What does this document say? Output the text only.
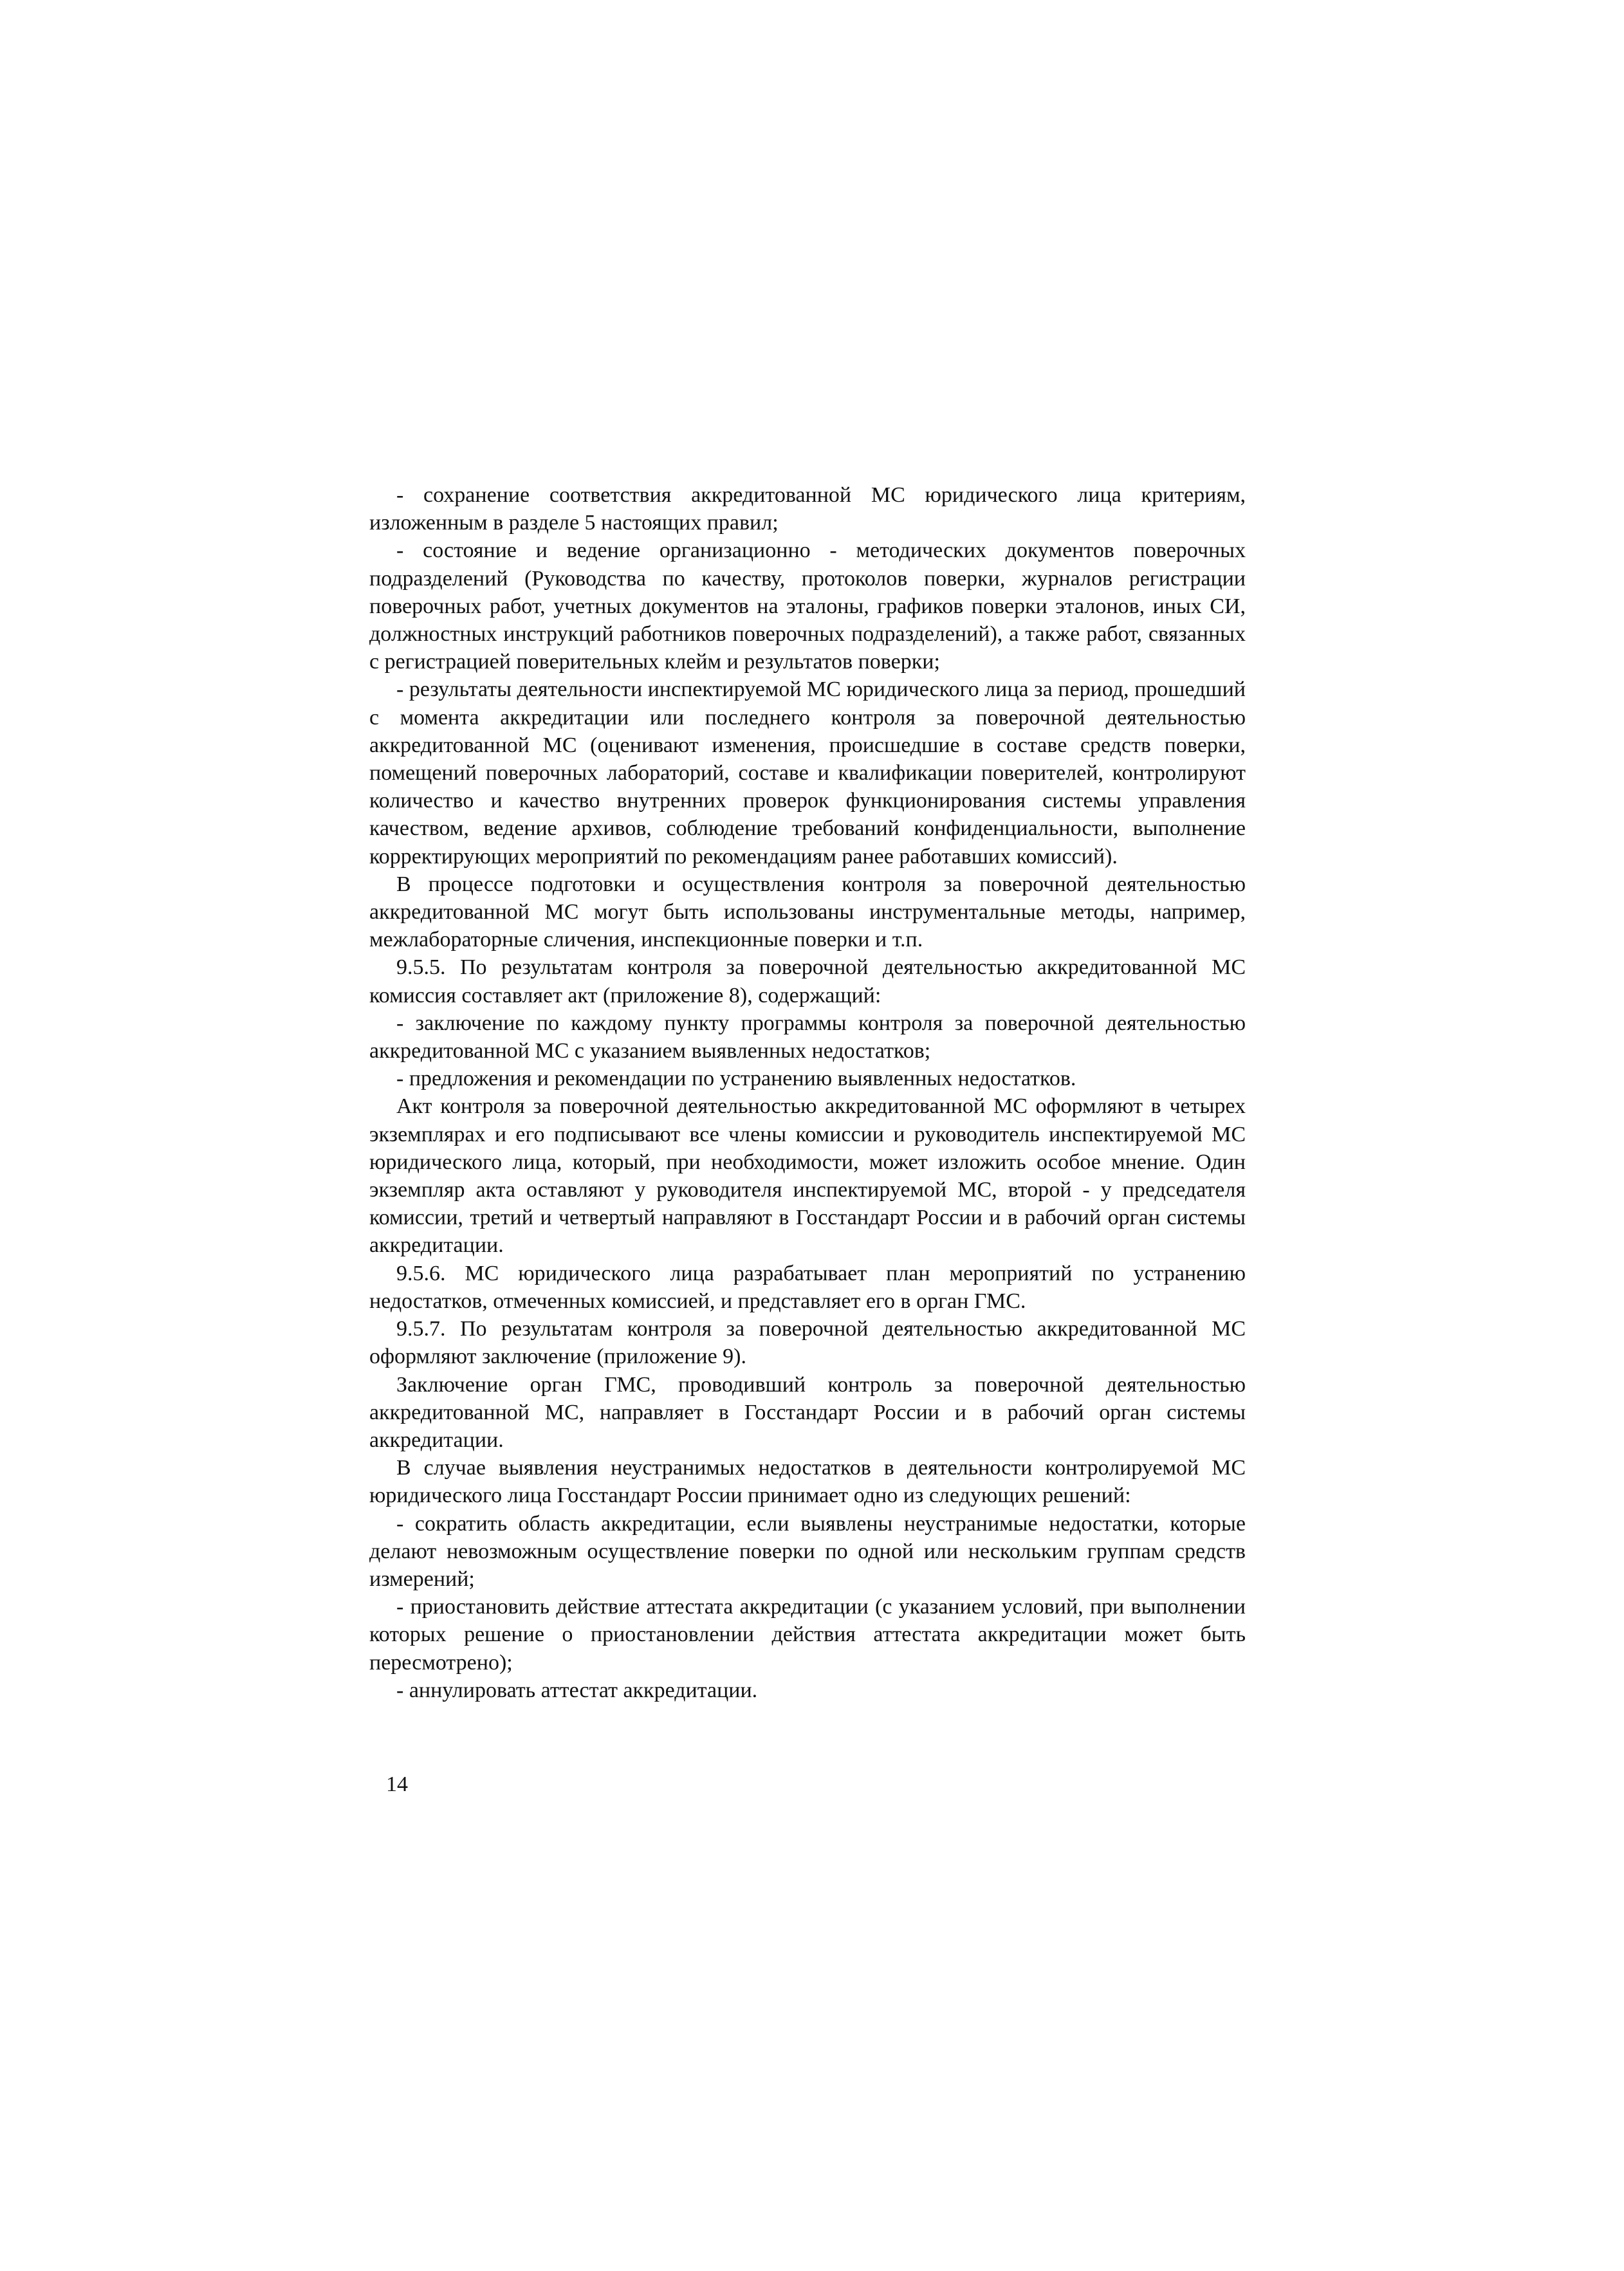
- сохранение соответствия аккредитованной МС юридического лица критериям, изложенным в разделе 5 настоящих правил;

- состояние и ведение организационно - методических документов поверочных подразделений (Руководства по качеству, протоколов поверки, журналов регистрации поверочных работ, учетных документов на эталоны, графиков поверки эталонов, иных СИ, должностных инструкций работников поверочных подразделений), а также работ, связанных с регистрацией поверительных клейм и результатов поверки;

- результаты деятельности инспектируемой МС юридического лица за период, прошедший с момента аккредитации или последнего контроля за поверочной деятельностью аккредитованной МС (оценивают изменения, происшедшие в составе средств поверки, помещений поверочных лабораторий, составе и квалификации поверителей, контролируют количество и качество внутренних проверок функционирования системы управления качеством, ведение архивов, соблюдение требований конфиденциальности, выполнение корректирующих мероприятий по рекомендациям ранее работавших комиссий).

В процессе подготовки и осуществления контроля за поверочной деятельностью аккредитованной МС могут быть использованы инструментальные методы, например, межлабораторные сличения, инспекционные поверки и т.п.

9.5.5. По результатам контроля за поверочной деятельностью аккредитованной МС комиссия составляет акт (приложение 8), содержащий:

- заключение по каждому пункту программы контроля за поверочной деятельностью аккредитованной МС с указанием выявленных недостатков;

- предложения и рекомендации по устранению выявленных недостатков.

Акт контроля за поверочной деятельностью аккредитованной МС оформляют в четырех экземплярах и его подписывают все члены комиссии и руководитель инспектируемой МС юридического лица, который, при необходимости, может изложить особое мнение. Один экземпляр акта оставляют у руководителя инспектируемой МС, второй - у председателя комиссии, третий и четвертый направляют в Госстандарт России и в рабочий орган системы аккредитации.

9.5.6. МС юридического лица разрабатывает план мероприятий по устранению недостатков, отмеченных комиссией, и представляет его в орган ГМС.

9.5.7. По результатам контроля за поверочной деятельностью аккредитованной МС оформляют заключение (приложение 9).

Заключение орган ГМС, проводивший контроль за поверочной деятельностью аккредитованной МС, направляет в Госстандарт России и в рабочий орган системы аккредитации.

В случае выявления неустранимых недостатков в деятельности контролируемой МС юридического лица Госстандарт России принимает одно из следующих решений:

- сократить область аккредитации, если выявлены неустранимые недостатки, которые делают невозможным осуществление поверки по одной или нескольким группам средств измерений;

- приостановить действие аттестата аккредитации (с указанием условий, при выполнении которых решение о приостановлении действия аттестата аккредитации может быть пересмотрено);

- аннулировать аттестат аккредитации.

14
